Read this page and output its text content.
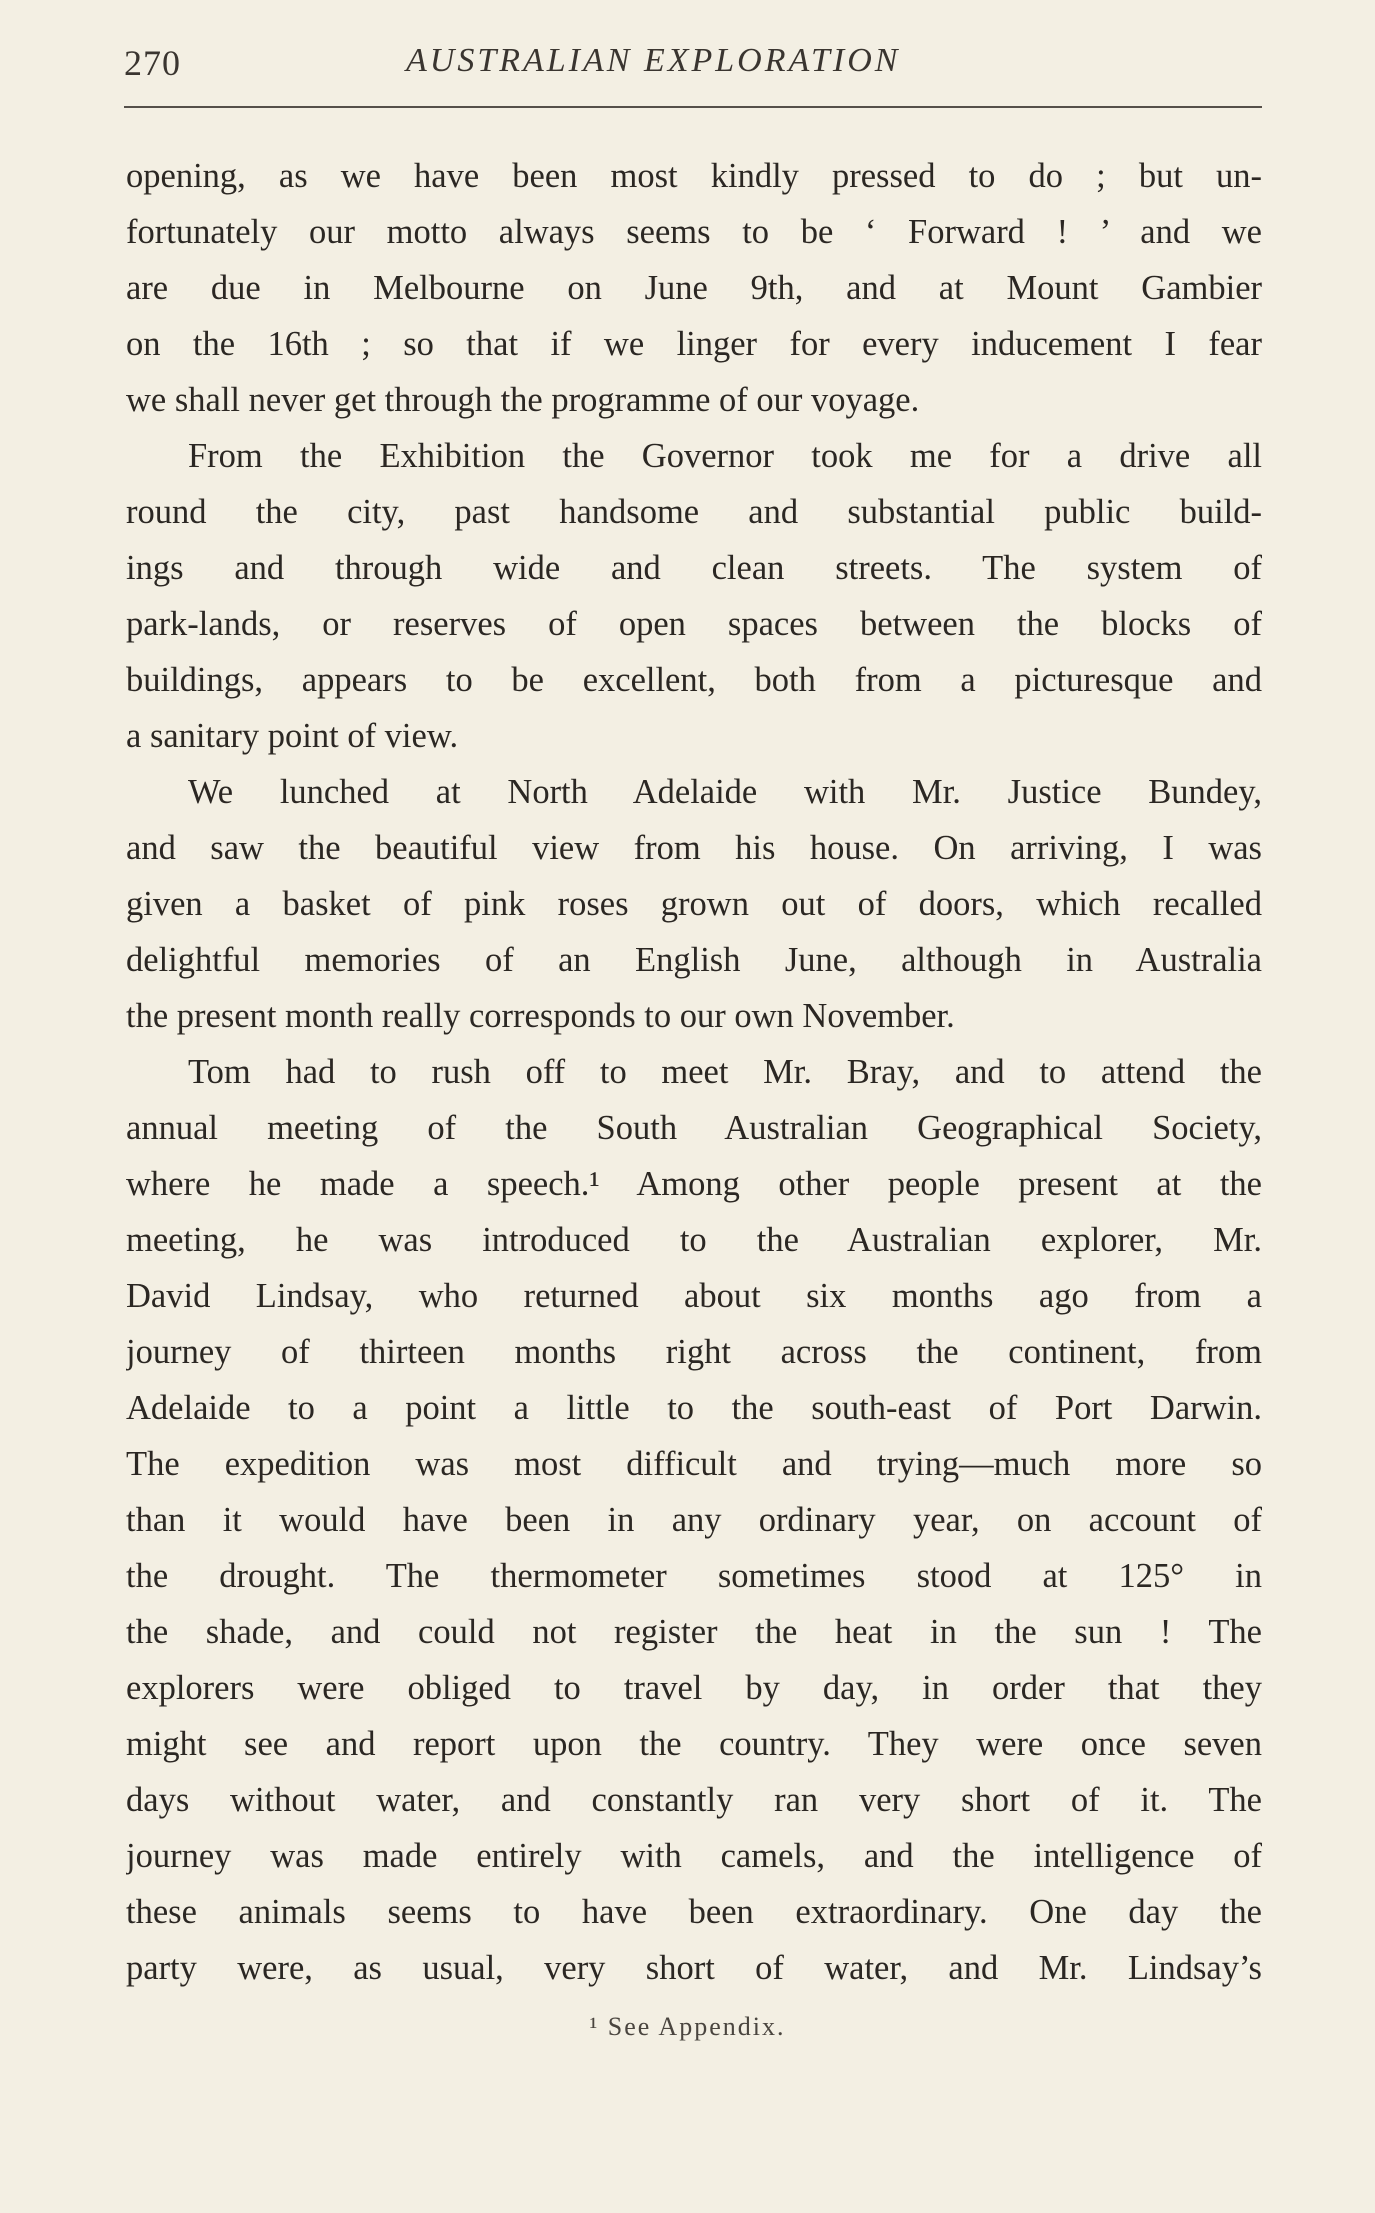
270	AUSTRALIAN EXPLORATION
opening, as we have been most kindly pressed to do ; but un-
fortunately our motto always seems to be ‘ Forward ! ’ and we
are due in Melbourne on June 9th, and at Mount Gambier
on the 16th ; so that if we linger for every inducement I fear
we shall never get through the programme of our voyage.
From the Exhibition the Governor took me for a drive all
round the city, past handsome and substantial public build-
ings and through wide and clean streets. The system of
park-lands, or reserves of open spaces between the blocks of
buildings, appears to be excellent, both from a picturesque and
a sanitary point of view.
We lunched at North Adelaide with Mr. Justice Bundey,
and saw the beautiful view from his house. On arriving, I was
given a basket of pink roses grown out of doors, which recalled
delightful memories of an English June, although in Australia
the present month really corresponds to our own November.
Tom had to rush off to meet Mr. Bray, and to attend the
annual meeting of the South Australian Geographical Society,
where he made a speech.¹ Among other people present at the
meeting, he was introduced to the Australian explorer, Mr.
David Lindsay, who returned about six months ago from a
journey of thirteen months right across the continent, from
Adelaide to a point a little to the south-east of Port Darwin.
The expedition was most difficult and trying—much more so
than it would have been in any ordinary year, on account of
the drought. The thermometer sometimes stood at 125° in
the shade, and could not register the heat in the sun ! The
explorers were obliged to travel by day, in order that they
might see and report upon the country. They were once seven
days without water, and constantly ran very short of it. The
journey was made entirely with camels, and the intelligence of
these animals seems to have been extraordinary. One day the
party were, as usual, very short of water, and Mr. Lindsay’s
¹ See Appendix.
